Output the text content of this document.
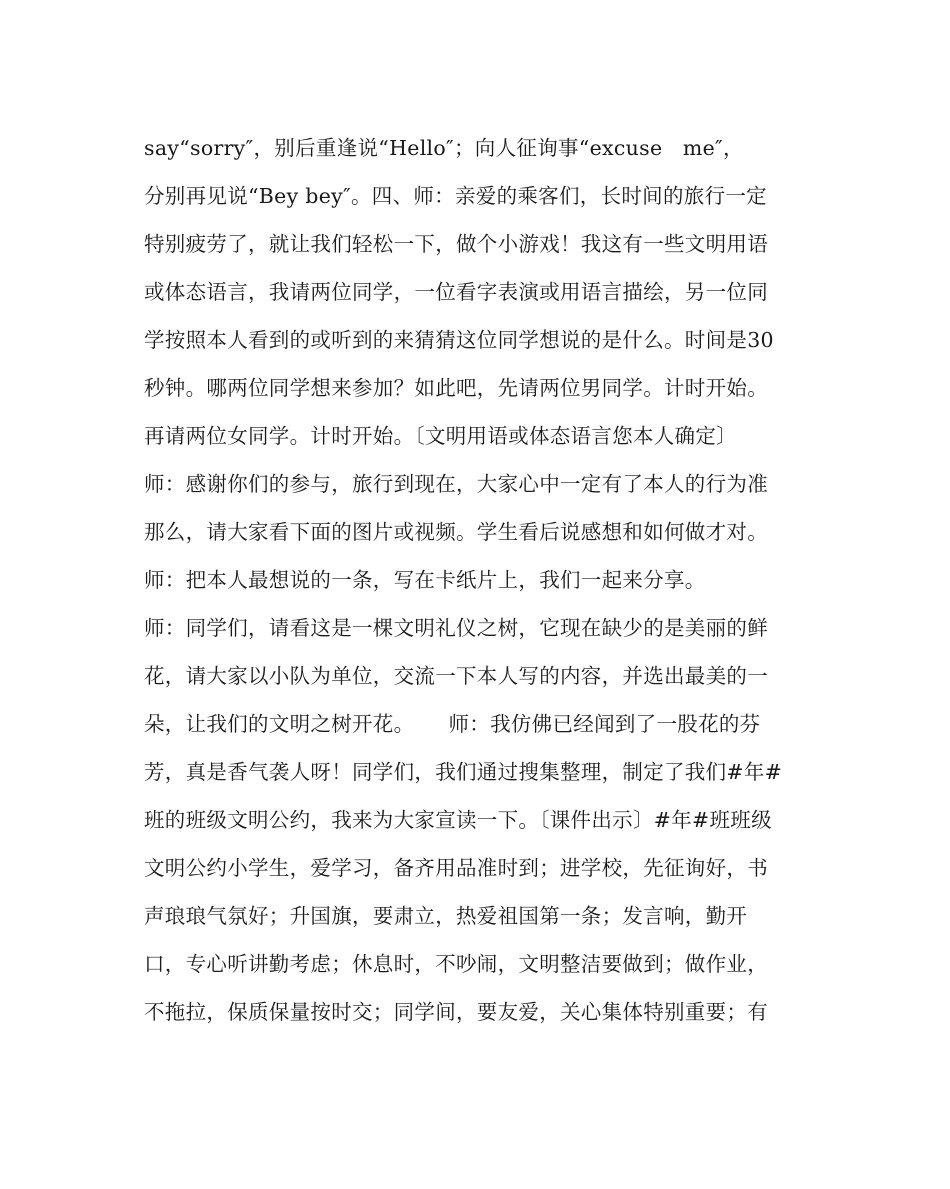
say“sorry″，别后重逢说“Hello″；向人征询事“excuse   me″，
分别再见说“Bey bey″。四、师：亲爱的乘客们，长时间的旅行一定
特别疲劳了，就让我们轻松一下，做个小游戏！我这有一些文明用语
或体态语言，我请两位同学，一位看字表演或用语言描绘，另一位同
学按照本人看到的或听到的来猜猜这位同学想说的是什么。时间是30
秒钟。哪两位同学想来参加？如此吧，先请两位男同学。计时开始。
再请两位女同学。计时开始。〔文明用语或体态语言您本人确定〕
师：感谢你们的参与，旅行到现在，大家心中一定有了本人的行为准
那么，请大家看下面的图片或视频。学生看后说感想和如何做才对。
师：把本人最想说的一条，写在卡纸片上，我们一起来分享。
师：同学们，请看这是一棵文明礼仪之树，它现在缺少的是美丽的鲜
花，请大家以小队为单位，交流一下本人写的内容，并选出最美的一
朵，让我们的文明之树开花。     师：我仿佛已经闻到了一股花的芬
芳，真是香气袭人呀！同学们，我们通过搜集整理，制定了我们#年#
班的班级文明公约，我来为大家宣读一下。〔课件出示〕#年#班班级
文明公约小学生，爱学习，备齐用品准时到；进学校，先征询好，书
声琅琅气氛好；升国旗，要肃立，热爱祖国第一条；发言响，勤开
口，专心听讲勤考虑；休息时，不吵闹，文明整洁要做到；做作业，
不拖拉，保质保量按时交；同学间，要友爱，关心集体特别重要；有
